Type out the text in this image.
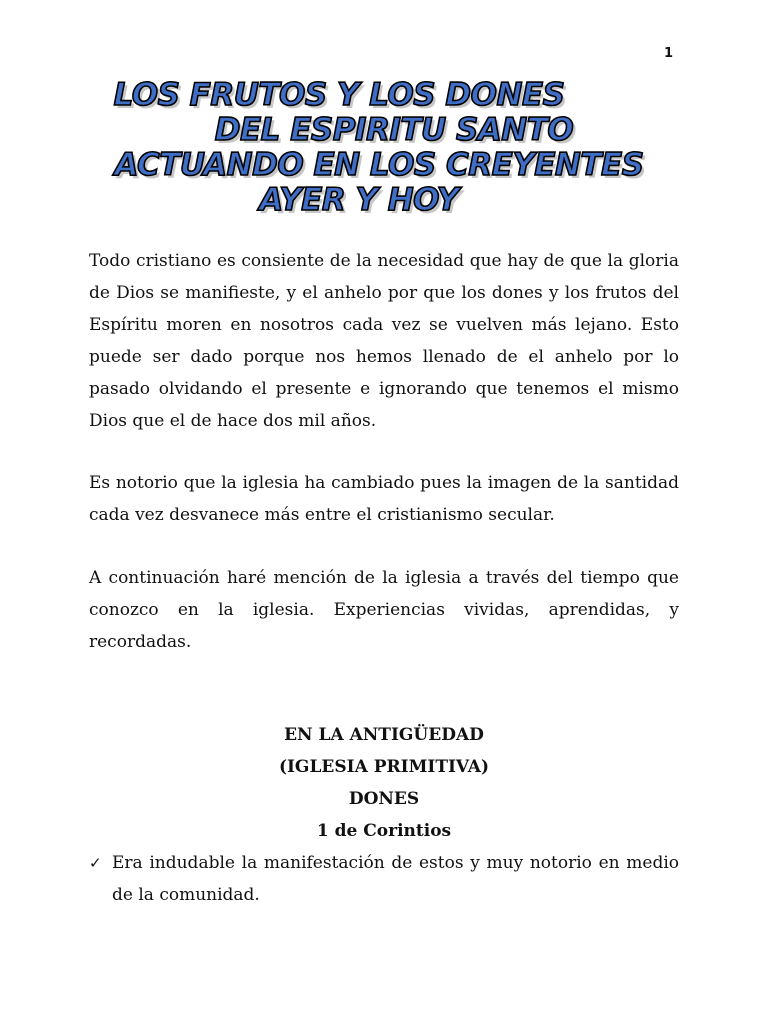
1
LOS FRUTOS Y LOS DONES
DEL ESPIRITU SANTO
ACTUANDO EN LOS CREYENTES
AYER Y HOY

Todo cristiano es consiente de la necesidad que hay de que la gloria de Dios se manifieste, y el anhelo por que los dones y los frutos del Espíritu moren en nosotros cada vez se vuelven más lejano. Esto puede ser dado porque nos hemos llenado de el anhelo por lo pasado olvidando el presente e ignorando que tenemos el mismo Dios que el de hace dos mil años.

Es notorio que la iglesia ha cambiado pues la imagen de la santidad cada vez desvanece más entre el cristianismo secular.

A continuación haré mención de la iglesia a través del tiempo que conozco en la iglesia. Experiencias vividas, aprendidas, y recordadas.

EN LA ANTIGÜEDAD

(IGLESIA PRIMITIVA)

DONES

1 de Corintios

✓ Era indudable la manifestación de estos y muy notorio en medio de la comunidad.
